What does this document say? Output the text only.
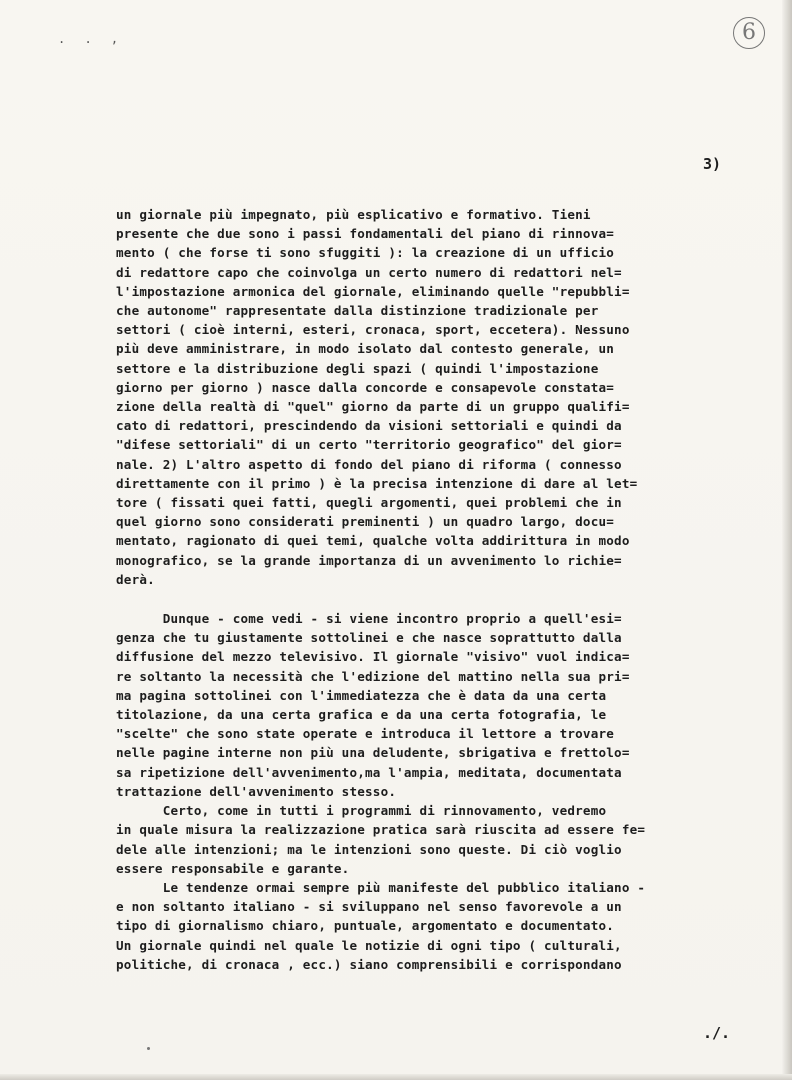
. . ,	6
3)
un giornale più impegnato, più esplicativo e formativo. Tieni
presente che due sono i passi fondamentali del piano di rinnova=
mento ( che forse ti sono sfuggiti ): la creazione di un ufficio
di redattore capo che coinvolga un certo numero di redattori nel=
l'impostazione armonica del giornale, eliminando quelle "repubbli=
che autonome" rappresentate dalla distinzione tradizionale per
settori ( cioè interni, esteri, cronaca, sport, eccetera). Nessuno
più deve amministrare, in modo isolato dal contesto generale, un
settore e la distribuzione degli spazi ( quindi l'impostazione
giorno per giorno ) nasce dalla concorde e consapevole constata=
zione della realtà di "quel" giorno da parte di un gruppo qualifi=
cato di redattori, prescindendo da visioni settoriali e quindi da
"difese settoriali" di un certo "territorio geografico" del gior=
nale. 2) L'altro aspetto di fondo del piano di riforma ( connesso
direttamente con il primo ) è la precisa intenzione di dare al let=
tore ( fissati quei fatti, quegli argomenti, quei problemi che in
quel giorno sono considerati preminenti ) un quadro largo, docu=
mentato, ragionato di quei temi, qualche volta addirittura in modo
monografico, se la grande importanza di un avvenimento lo richie=
derà.
Dunque - come vedi - si viene incontro proprio a quell'esi=
genza che tu giustamente sottolinei e che nasce soprattutto dalla
diffusione del mezzo televisivo. Il giornale "visivo" vuol indica=
re soltanto la necessità che l'edizione del mattino nella sua pri=
ma pagina sottolinei con l'immediatezza che è data da una certa
titolazione, da una certa grafica e da una certa fotografia, le
"scelte" che sono state operate e introduca il lettore a trovare
nelle pagine interne non più una deludente, sbrigativa e frettolo=
sa ripetizione dell'avvenimento,ma l'ampia, meditata, documentata
trattazione dell'avvenimento stesso.
Certo, come in tutti i programmi di rinnovamento, vedremo
in quale misura la realizzazione pratica sarà riuscita ad essere fe=
dele alle intenzioni; ma le intenzioni sono queste. Di ciò voglio
essere responsabile e garante.
Le tendenze ormai sempre più manifeste del pubblico italiano -
e non soltanto italiano - si sviluppano nel senso favorevole a un
tipo di giornalismo chiaro, puntuale, argomentato e documentato.
Un giornale quindi nel quale le notizie di ogni tipo ( culturali,
politiche, di cronaca , ecc.) siano comprensibili e corrispondano
./.
